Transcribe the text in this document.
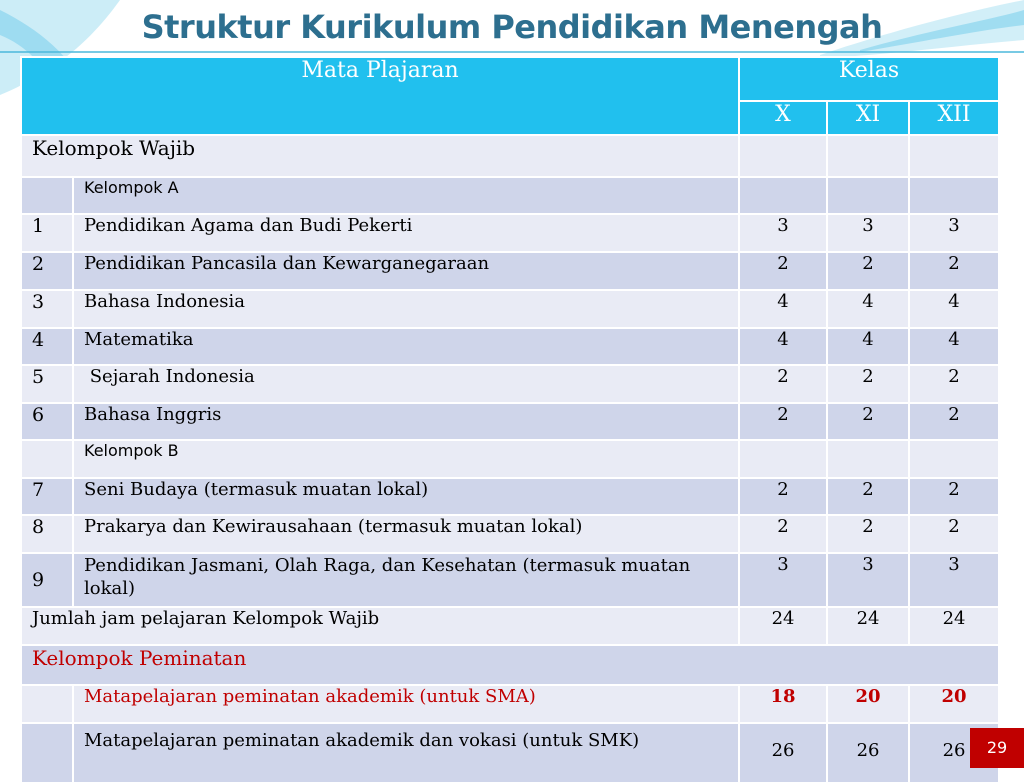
Struktur Kurikulum Pendidikan Menengah
Mata Plajaran		Kelas		
		X	XI	XII
Kelompok Wajib				
	Kelompok A			
1	Pendidikan Agama dan Budi Pekerti	3	3	3
2	Pendidikan Pancasila dan Kewarganegaraan	2	2	2
3	Bahasa Indonesia	4	4	4
4	Matematika	4	4	4
5	Sejarah Indonesia	2	2	2
6	Bahasa Inggris	2	2	2
	Kelompok B			
7	Seni Budaya (termasuk muatan lokal)	2	2	2
8	Prakarya dan Kewirausahaan (termasuk muatan lokal)	2	2	2
9	Pendidikan Jasmani, Olah Raga, dan Kesehatan (termasuk muatan lokal)	3	3	3
Jumlah jam pelajaran Kelompok Wajib		24	24	24
Kelompok Peminatan				
	Matapelajaran peminatan akademik (untuk SMA)	18	20	20
	Matapelajaran peminatan akademik dan vokasi (untuk SMK)	26	26	26	29
